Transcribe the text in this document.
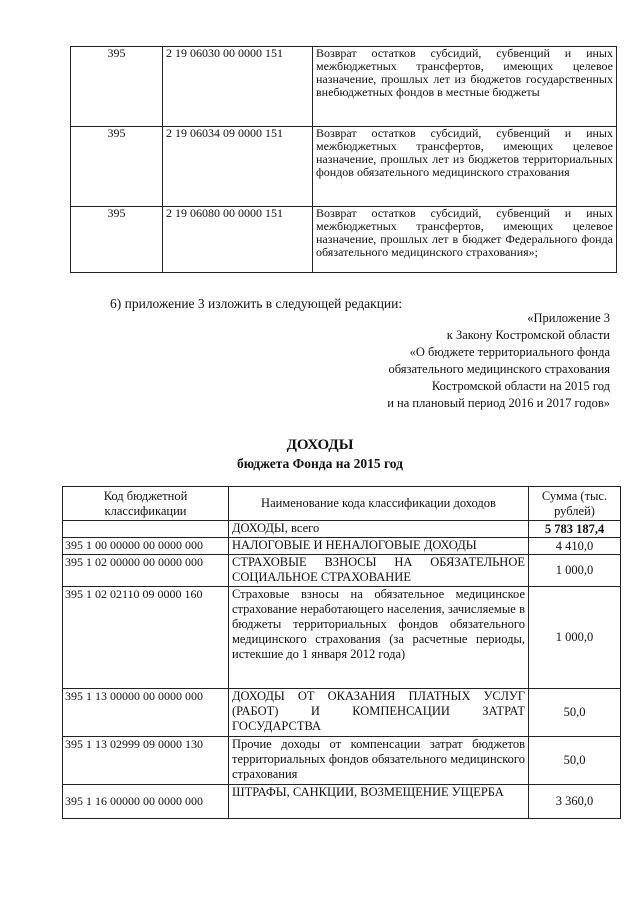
395	2 19 06030 00 0000 151	Возврат остатков субсидий, субвенций и иных межбюджетных трансфертов, имеющих целевое назначение, прошлых лет из бюджетов государственных внебюджетных фондов в местные бюджеты
395	2 19 06034 09 0000 151	Возврат остатков субсидий, субвенций и иных межбюджетных трансфертов, имеющих целевое назначение, прошлых лет из бюджетов территориальных фондов обязательного медицинского страхования
395	2 19 06080 00 0000 151	Возврат остатков субсидий, субвенций и иных межбюджетных трансфертов, имеющих целевое назначение, прошлых лет в бюджет Федерального фонда обязательного медицинского страхования»;
6) приложение 3 изложить в следующей редакции:
«Приложение 3
к Закону Костромской области
«О бюджете территориального фонда
обязательного медицинского страхования
Костромской области на 2015 год
и на плановый период 2016 и 2017 годов»
ДОХОДЫ
бюджета Фонда на 2015 год
Код бюджетной классификации	Наименование кода классификации доходов	Сумма (тыс. рублей)
	ДОХОДЫ, всего	5 783 187,4
395 1 00 00000 00 0000 000	НАЛОГОВЫЕ И НЕНАЛОГОВЫЕ ДОХОДЫ	4 410,0
395 1 02 00000 00 0000 000	СТРАХОВЫЕ ВЗНОСЫ НА ОБЯЗАТЕЛЬНОЕ СОЦИАЛЬНОЕ СТРАХОВАНИЕ	1 000,0
395 1 02 02110 09 0000 160	Страховые взносы на обязательное медицинское страхование неработающего населения, зачисляемые в бюджеты территориальных фондов обязательного медицинского страхования (за расчетные периоды, истекшие до 1 января 2012 года)	1 000,0
395 1 13 00000 00 0000 000	ДОХОДЫ ОТ ОКАЗАНИЯ ПЛАТНЫХ УСЛУГ (РАБОТ) И КОМПЕНСАЦИИ ЗАТРАТ ГОСУДАРСТВА	50,0
395 1 13 02999 09 0000 130	Прочие доходы от компенсации затрат бюджетов территориальных фондов обязательного медицинского страхования	50,0
395 1 16 00000 00 0000 000	ШТРАФЫ, САНКЦИИ, ВОЗМЕЩЕНИЕ УЩЕРБА	3 360,0
